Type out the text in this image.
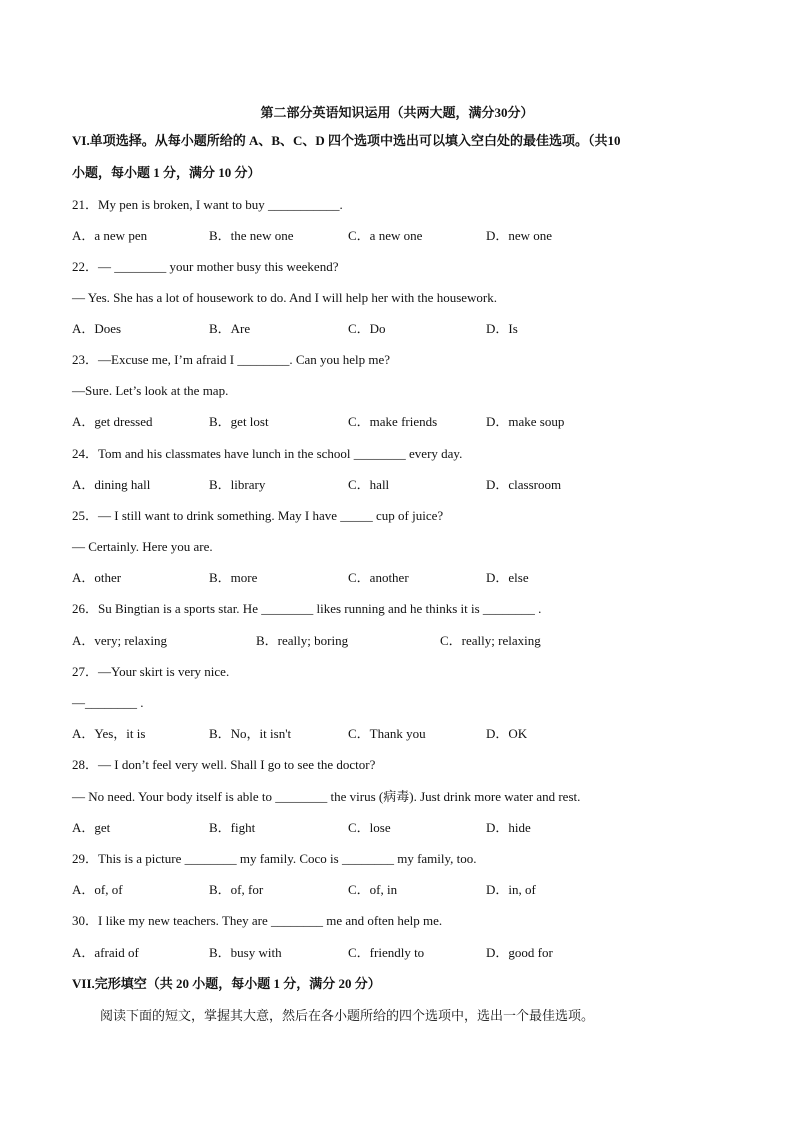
第二部分英语知识运用（共两大题，满分30分）
VI.单项选择。从每小题所给的 A、B、C、D 四个选项中选出可以填入空白处的最佳选项。（共10
小题，每小题 1 分，满分 10 分）
21．My pen is broken, I want to buy ___________.
A．a new pen	B．the new one	C．a new one	D．new one
22．— ________ your mother busy this weekend?
— Yes. She has a lot of housework to do. And I will help her with the housework.
A．Does	B．Are	C．Do	D．Is
23．—Excuse me, I’m afraid I ________. Can you help me?
—Sure. Let’s look at the map.
A．get dressed	B．get lost	C．make friends	D．make soup
24．Tom and his classmates have lunch in the school ________ every day.
A．dining hall	B．library	C．hall	D．classroom
25．— I still want to drink something. May I have _____ cup of juice?
— Certainly. Here you are.
A．other	B．more	C．another	D．else
26．Su Bingtian is a sports star. He ________ likes running and he thinks it is ________ .
A．very; relaxing	B．really; boring	C．really; relaxing
27．—Your skirt is very nice.
—________ .
A．Yes，it is	B．No，it isn't	C．Thank you	D．OK
28．— I don’t feel very well. Shall I go to see the doctor?
— No need. Your body itself is able to ________ the virus (病毒). Just drink more water and rest.
A．get	B．fight	C．lose	D．hide
29．This is a picture ________ my family. Coco is ________ my family, too.
A．of, of	B．of, for	C．of, in	D．in, of
30．I like my new teachers. They are ________ me and often help me.
A．afraid of	B．busy with	C．friendly to	D．good for
VII.完形填空（共 20 小题，每小题 1 分，满分 20 分）
阅读下面的短文，掌握其大意，然后在各小题所给的四个选项中，选出一个最佳选项。
